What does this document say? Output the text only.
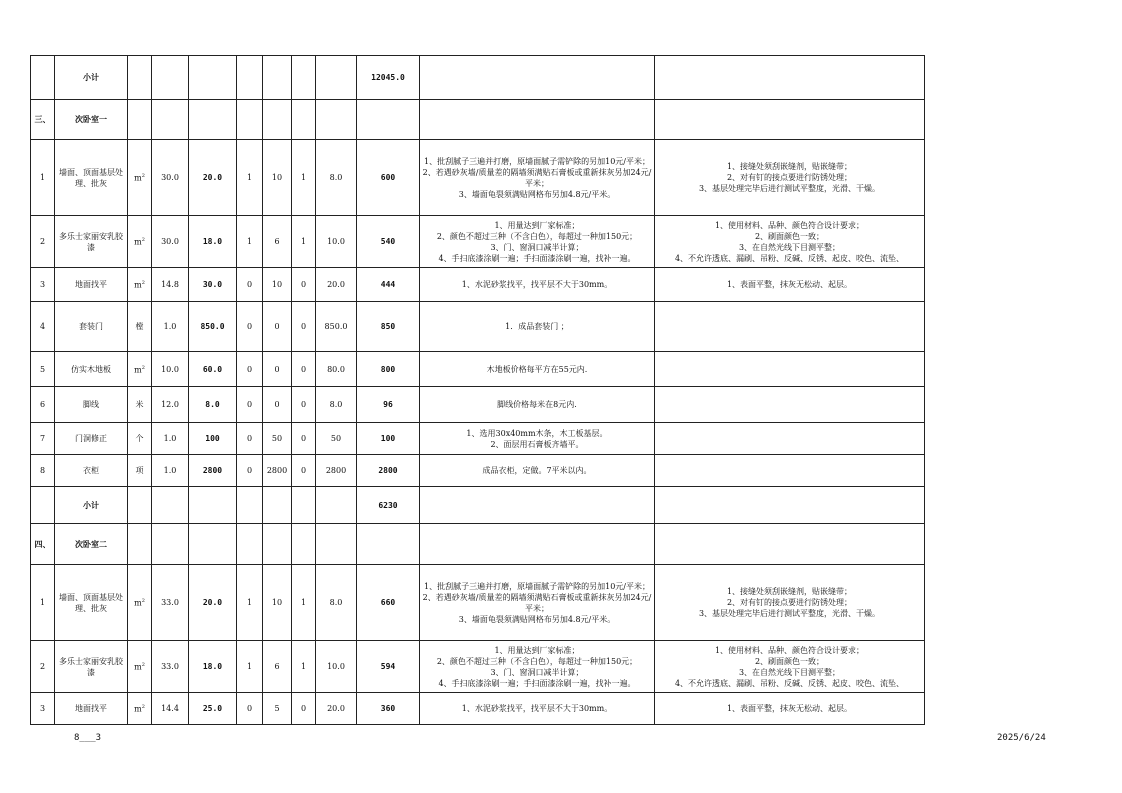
	小计								12045.0		
三、	次卧室一										
1	墙面、顶面基层处理、批灰	$m^2$	30.0	20.0	1	10	1	8.0	600	1、批刮腻子三遍并打磨，原墙面腻子需铲除的另加10元/平米；
2、若遇砂灰墙/质量差的隔墙须满贴石膏板或重新抹灰另加24元/平米；
3、墙面龟裂须满贴网格布另加4.8元/平米。	1、接缝处须刮嵌缝剂，贴嵌缝带；
2、对有钉的接点要进行防锈处理；
3、基层处理完毕后进行测试平整度，光滑、干燥。

2	多乐士家丽安乳胶漆	$m^2$	30.0	18.0	1	6	1	10.0	540	1、用量达到厂家标准；
2、颜色不超过三种（不含白色），每超过一种加150元；
3、门、窗洞口减半计算；
4、手扫底漆涂刷一遍；手扫面漆涂刷一遍，找补一遍。	1、使用材料、品种、颜色符合设计要求；
2、刷面颜色一致；
3、在自然光线下目测平整；
4、不允许透底、漏刷、吊粉、反碱、反锈、起皮、咬色、流坠、

3	地面找平	$m^2$	14.8	30.0	0	10	0	20.0	444	1、水泥砂浆找平，找平层不大于30mm。	1、表面平整，抹灰无松动、起层。

4	套装门	樘	1.0	850.0	0	0	0	850.0	850	1．成品套装门 ；	

5	仿实木地板	$m^2$	10.0	60.0	0	0	0	80.0	800	木地板价格每平方在55元内.	

6	脚线	米	12.0	8.0	0	0	0	8.0	96	脚线价格每米在8元内.	

7	门洞修正	个	1.0	100	0	50	0	50	100	1、选用30x40mm木条，木工板基层。
2、面层用石膏板齐墙平。	

8	衣柜	项	1.0	2800	0	2800	0	2800	2800	成品衣柜，定做。7平米以内。	

	小计								6230		
四、	次卧室二										
1	墙面、顶面基层处理、批灰	$m^2$	33.0	20.0	1	10	1	8.0	660	1、批刮腻子三遍并打磨，原墙面腻子需铲除的另加10元/平米；
2、若遇砂灰墙/质量差的隔墙须满贴石膏板或重新抹灰另加24元/平米；
3、墙面龟裂须满贴网格布另加4.8元/平米。	1、接缝处须刮嵌缝剂，贴嵌缝带；
2、对有钉的接点要进行防锈处理；
3、基层处理完毕后进行测试平整度，光滑、干燥。

2	多乐士家丽安乳胶漆	$m^2$	33.0	18.0	1	6	1	10.0	594	1、用量达到厂家标准；
2、颜色不超过三种（不含白色），每超过一种加150元；
3、门、窗洞口减半计算；
4、手扫底漆涂刷一遍；手扫面漆涂刷一遍，找补一遍。	1、使用材料、品种、颜色符合设计要求；
2、刷面颜色一致；
3、在自然光线下目测平整；
4、不允许透底、漏刷、吊粉、反碱、反锈、起皮、咬色、流坠、

3	地面找平	$m^2$	14.4	25.0	0	5	0	20.0	360	1、水泥砂浆找平，找平层不大于30mm。	1、表面平整，抹灰无松动、起层。
8___3	2025/6/24
